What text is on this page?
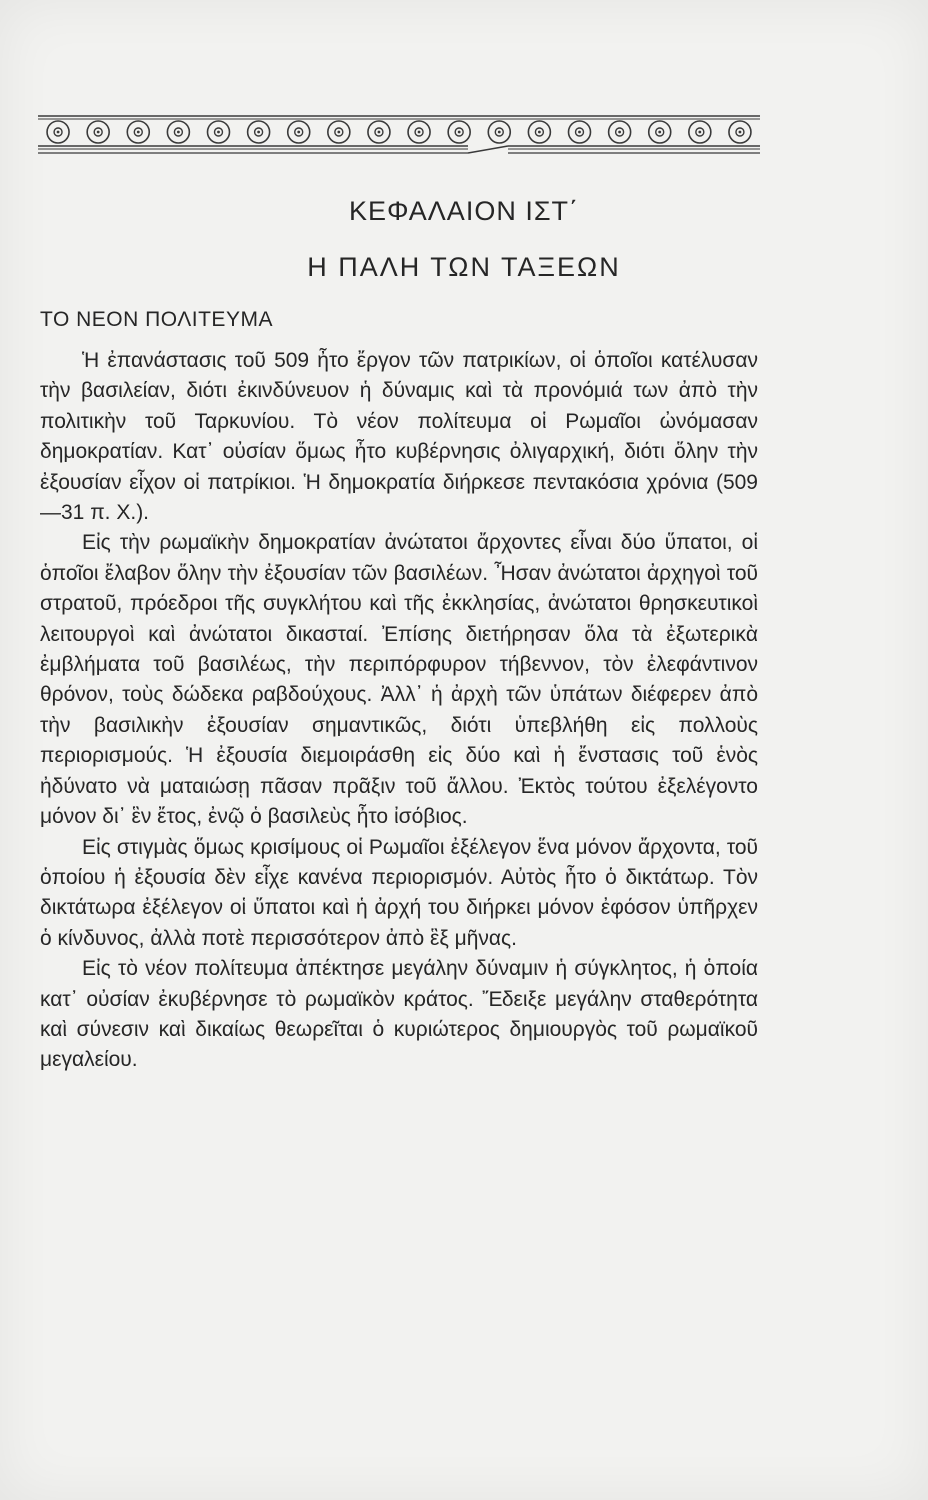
ΚΕΦΑΛΑΙΟΝ ΙΣΤ΄
Η ΠΑΛΗ ΤΩΝ ΤΑΞΕΩΝ
ΤΟ ΝΕΟΝ ΠΟΛΙΤΕΥΜΑ

Ἡ ἐπανάστασις τοῦ 509 ἦτο ἔργον τῶν πατρικίων, οἱ ὁποῖοι κατέλυσαν τὴν βασιλείαν, διότι ἐκινδύνευον ἡ δύναμις καὶ τὰ προνόμιά των ἀπὸ τὴν πολιτικὴν τοῦ Ταρκυνίου. Τὸ νέον πολίτευμα οἱ Ρωμαῖοι ὠνόμασαν δημοκρατίαν. Κατ᾽ οὐσίαν ὅμως ἦτο κυβέρνησις ὀλιγαρχική, διότι ὅλην τὴν ἐξουσίαν εἶχον οἱ πατρίκιοι. Ἡ δημοκρατία διήρκεσε πεντακόσια χρόνια (509—31 π. Χ.).

Εἰς τὴν ρωμαϊκὴν δημοκρατίαν ἀνώτατοι ἄρχοντες εἶναι δύο ὕπατοι, οἱ ὁποῖοι ἔλαβον ὅλην τὴν ἐξουσίαν τῶν βασιλέων. Ἦσαν ἀνώτατοι ἀρχηγοὶ τοῦ στρατοῦ, πρόεδροι τῆς συγκλήτου καὶ τῆς ἐκκλησίας, ἀνώτατοι θρησκευτικοὶ λειτουργοὶ καὶ ἀνώτατοι δικασταί. Ἐπίσης διετήρησαν ὅλα τὰ ἐξωτερικὰ ἐμβλήματα τοῦ βασιλέως, τὴν περιπόρφυρον τήβεννον, τὸν ἐλεφάντινον θρόνον, τοὺς δώδεκα ραβδούχους. Ἀλλ᾽ ἡ ἀρχὴ τῶν ὑπάτων διέφερεν ἀπὸ τὴν βασιλικὴν ἐξουσίαν σημαντικῶς, διότι ὑπεβλήθη εἰς πολλοὺς περιορισμούς. Ἡ ἐξουσία διεμοιράσθη εἰς δύο καὶ ἡ ἔνστασις τοῦ ἑνὸς ἠδύνατο νὰ ματαιώσῃ πᾶσαν πρᾶξιν τοῦ ἄλλου. Ἐκτὸς τούτου ἐξελέγοντο μόνον δι᾽ ἓν ἔτος, ἐνῷ ὁ βασιλεὺς ἦτο ἰσόβιος.

Εἰς στιγμὰς ὅμως κρισίμους οἱ Ρωμαῖοι ἐξέλεγον ἕνα μόνον ἄρχοντα, τοῦ ὁποίου ἡ ἐξουσία δὲν εἶχε κανένα περιορισμόν. Αὐτὸς ἦτο ὁ δικτάτωρ. Τὸν δικτάτωρα ἐξέλεγον οἱ ὕπατοι καὶ ἡ ἀρχή του διήρκει μόνον ἐφόσον ὑπῆρχεν ὁ κίνδυνος, ἀλλὰ ποτὲ περισσότερον ἀπὸ ἓξ μῆνας.

Εἰς τὸ νέον πολίτευμα ἀπέκτησε μεγάλην δύναμιν ἡ σύγκλητος, ἡ ὁποία κατ᾽ οὐσίαν ἐκυβέρνησε τὸ ρωμαϊκὸν κράτος. Ἔδειξε μεγάλην σταθερότητα καὶ σύνεσιν καὶ δικαίως θεωρεῖται ὁ κυριώτερος δημιουργὸς τοῦ ρωμαϊκοῦ μεγαλείου.
